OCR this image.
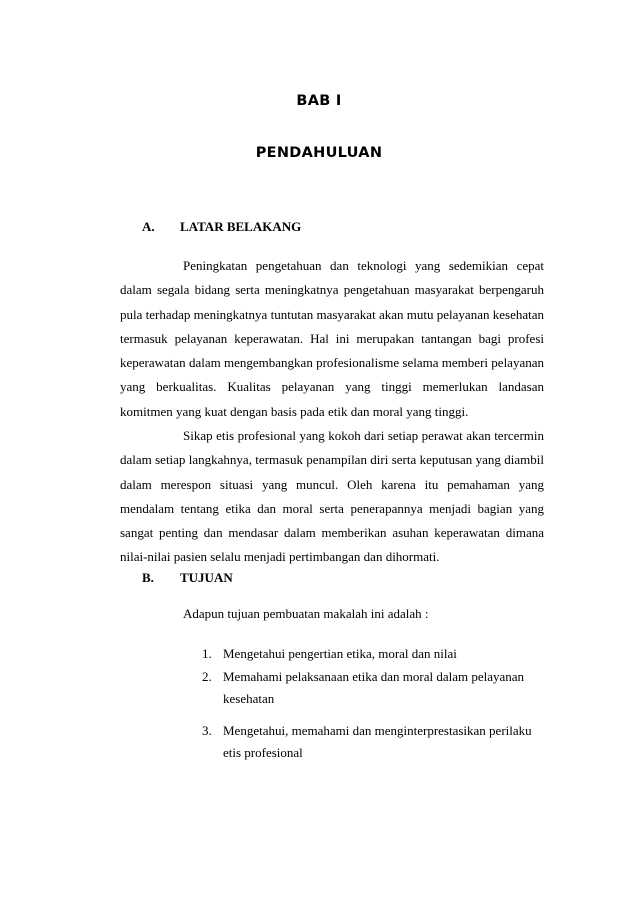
BAB I
PENDAHULUAN
A. LATAR BELAKANG

Peningkatan pengetahuan dan teknologi yang sedemikian cepat dalam segala bidang serta meningkatnya pengetahuan masyarakat berpengaruh pula terhadap meningkatnya tuntutan masyarakat akan mutu pelayanan kesehatan termasuk pelayanan keperawatan. Hal ini merupakan tantangan bagi profesi keperawatan dalam mengembangkan profesionalisme selama memberi pelayanan yang berkualitas. Kualitas pelayanan yang tinggi memerlukan landasan komitmen yang kuat dengan basis pada etik dan moral yang tinggi.

Sikap etis profesional yang kokoh dari setiap perawat akan tercermin dalam setiap langkahnya, termasuk penampilan diri serta keputusan yang diambil dalam merespon situasi yang muncul. Oleh karena itu pemahaman yang mendalam tentang etika dan moral serta penerapannya menjadi bagian yang sangat penting dan mendasar dalam memberikan asuhan keperawatan dimana nilai-nilai pasien selalu menjadi pertimbangan dan dihormati.

B. TUJUAN
Adapun tujuan pembuatan makalah ini adalah :
1. Mengetahui pengertian etika, moral dan nilai
2. Memahami pelaksanaan etika dan moral dalam pelayanan kesehatan
3. Mengetahui, memahami dan menginterprestasikan perilaku etis profesional
